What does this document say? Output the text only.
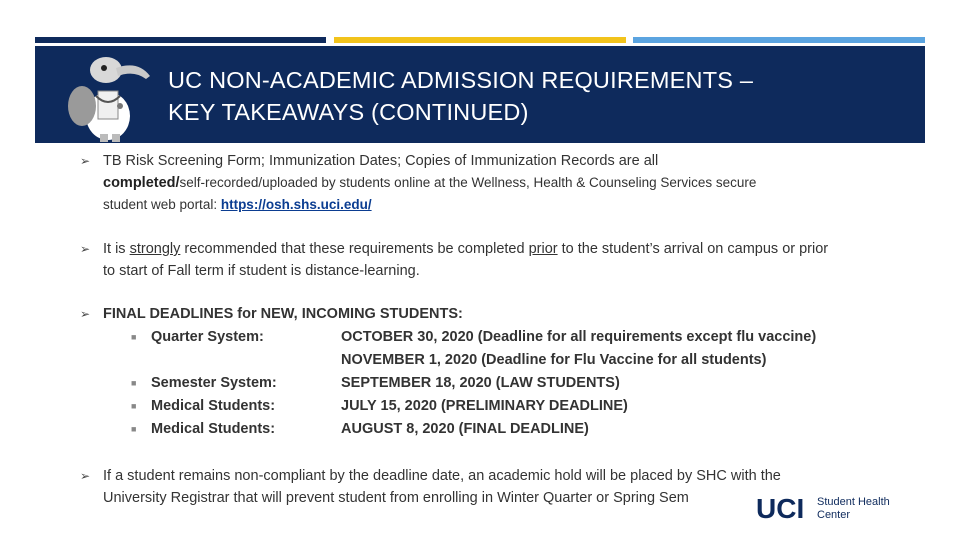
UC NON-ACADEMIC ADMISSION REQUIREMENTS –
KEY TAKEAWAYS (CONTINUED)
➢ TB Risk Screening Form; Immunization Dates; Copies of Immunization Records are all
completed/self-recorded/uploaded by students online at the Wellness, Health & Counseling Services secure
student web portal: https://osh.shs.uci.edu/
➢ It is strongly recommended that these requirements be completed prior to the student’s arrival on campus or prior
to start of Fall term if student is distance-learning.
➢ FINAL DEADLINES for NEW, INCOMING STUDENTS:
■ Quarter System:	OCTOBER 30, 2020 (Deadline for all requirements except flu vaccine)
NOVEMBER 1, 2020 (Deadline for Flu Vaccine for all students)
■ Semester System:	SEPTEMBER 18, 2020 (LAW STUDENTS)
■ Medical Students:	JULY 15, 2020 (PRELIMINARY DEADLINE)
■ Medical Students:	AUGUST 8, 2020 (FINAL DEADLINE)
➢ If a student remains non-compliant by the deadline date, an academic hold will be placed by SHC with the
University Registrar that will prevent student from enrolling in Winter Quarter or Spring Sem	UCI Student Health
Center
